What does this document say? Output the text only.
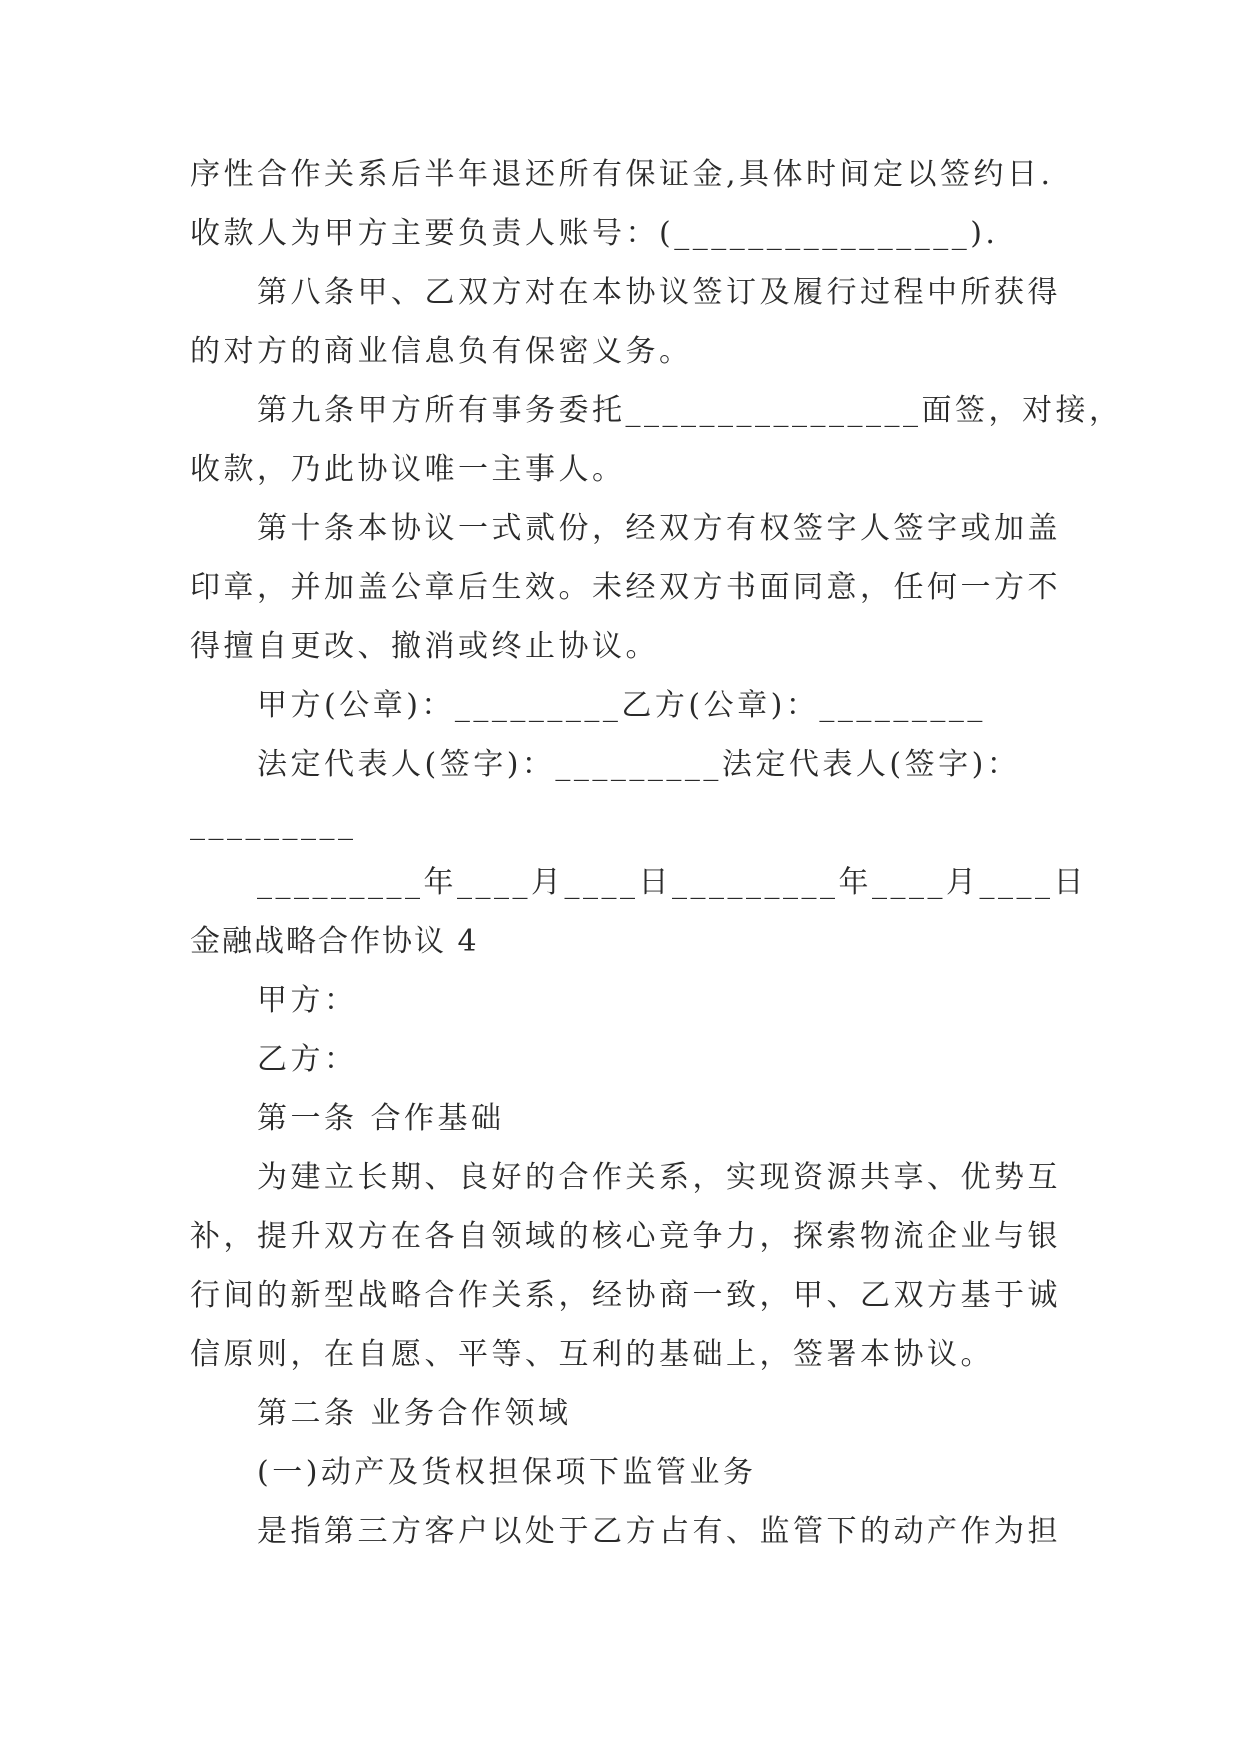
序性合作关系后半年退还所有保证金,具体时间定以签约日.
收款人为甲方主要负责人账号：(________________).
第八条甲、乙双方对在本协议签订及履行过程中所获得
的对方的商业信息负有保密义务。
第九条甲方所有事务委托________________面签，对接，
收款，乃此协议唯一主事人。
第十条本协议一式贰份，经双方有权签字人签字或加盖
印章，并加盖公章后生效。未经双方书面同意，任何一方不
得擅自更改、撤消或终止协议。
甲方(公章)：_________乙方(公章)：_________
法定代表人(签字)：_________法定代表人(签字)：
_________
_________年____月____日_________年____月____日
金融战略合作协议 4
甲方：
乙方：
第一条 合作基础
为建立长期、良好的合作关系，实现资源共享、优势互
补，提升双方在各自领域的核心竞争力，探索物流企业与银
行间的新型战略合作关系，经协商一致，甲、乙双方基于诚
信原则，在自愿、平等、互利的基础上，签署本协议。
第二条 业务合作领域
(一)动产及货权担保项下监管业务
是指第三方客户以处于乙方占有、监管下的动产作为担
